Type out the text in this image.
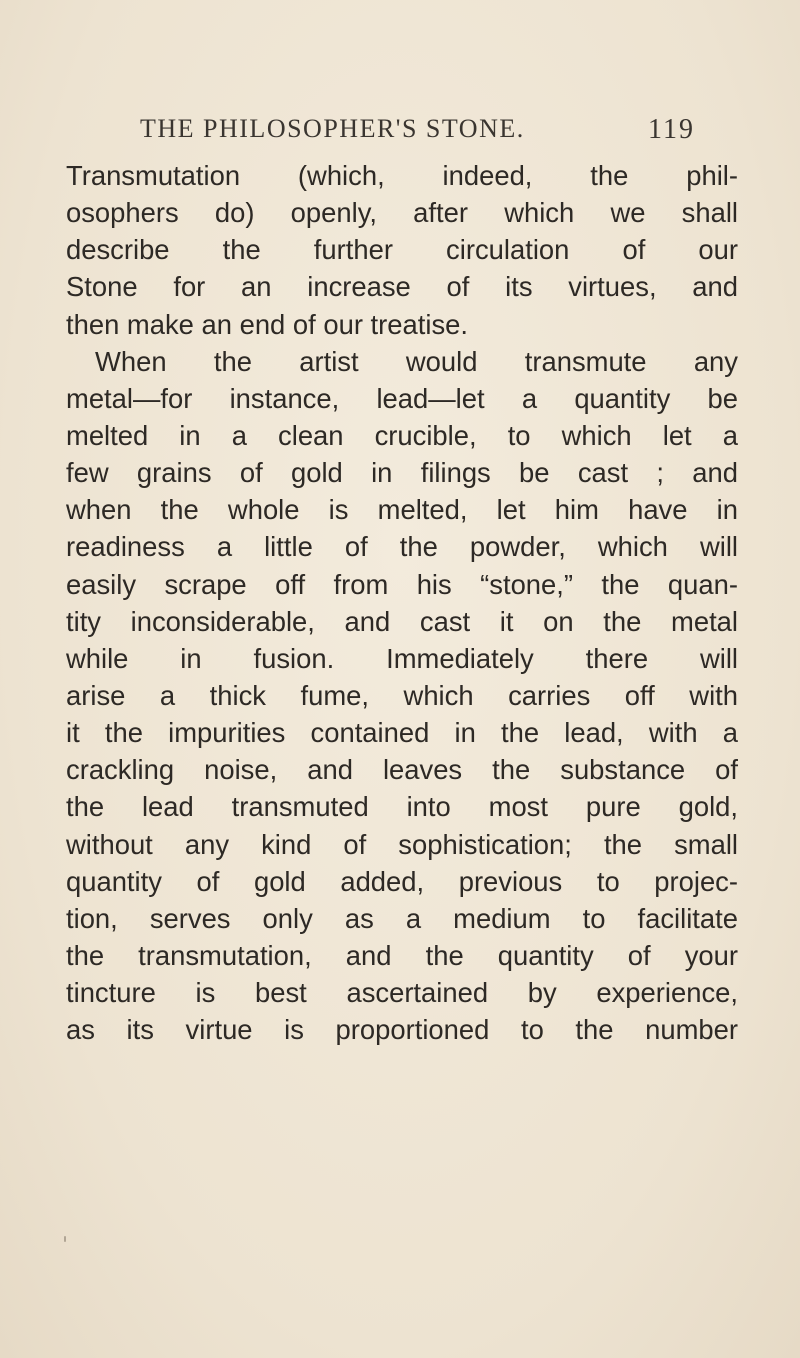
THE PHILOSOPHER'S STONE.	119
Transmutation (which, indeed, the phil-
osophers do) openly, after which we shall
describe the further circulation of our
Stone for an increase of its virtues, and
then make an end of our treatise.
When the artist would transmute any
metal—for instance, lead—let a quantity be
melted in a clean crucible, to which let a
few grains of gold in filings be cast ; and
when the whole is melted, let him have in
readiness a little of the powder, which will
easily scrape off from his “stone,” the quan-
tity inconsiderable, and cast it on the metal
while in fusion. Immediately there will
arise a thick fume, which carries off with
it the impurities contained in the lead, with a
crackling noise, and leaves the substance of
the lead transmuted into most pure gold,
without any kind of sophistication; the small
quantity of gold added, previous to projec-
tion, serves only as a medium to facilitate
the transmutation, and the quantity of your
tincture is best ascertained by experience,
as its virtue is proportioned to the number
